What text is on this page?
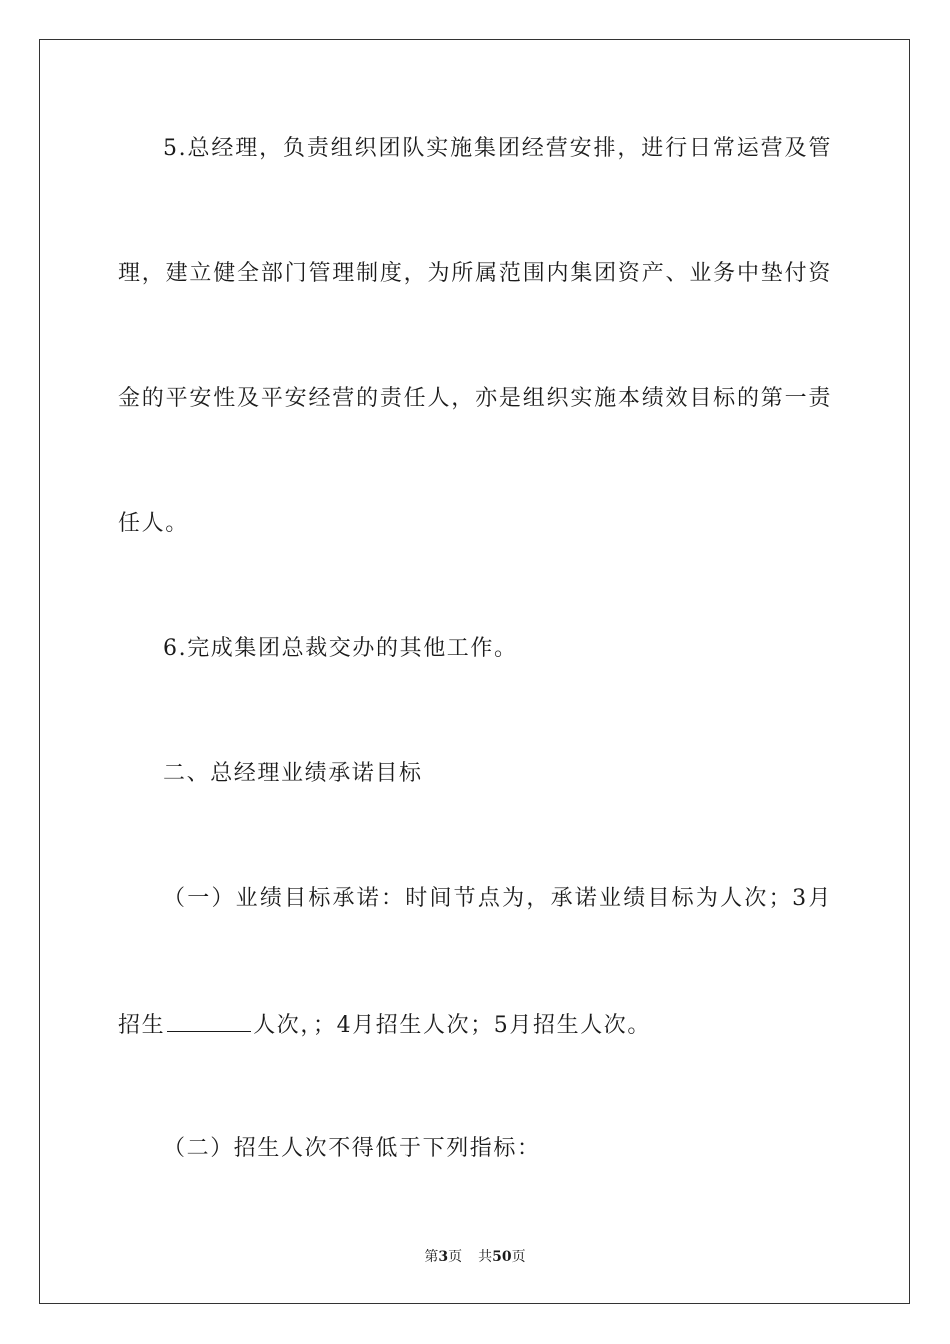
5.总经理，负责组织团队实施集团经营安排，进行日常运营及管
理，建立健全部门管理制度，为所属范围内集团资产、业务中垫付资
金的平安性及平安经营的责任人，亦是组织实施本绩效目标的第一责
任人。
6.完成集团总裁交办的其他工作。
二、总经理业绩承诺目标
（一）业绩目标承诺：时间节点为，承诺业绩目标为人次；3月
招生	人次，；4月招生人次；5月招生人次。
（二）招生人次不得低于下列指标：
第3页 共50页
